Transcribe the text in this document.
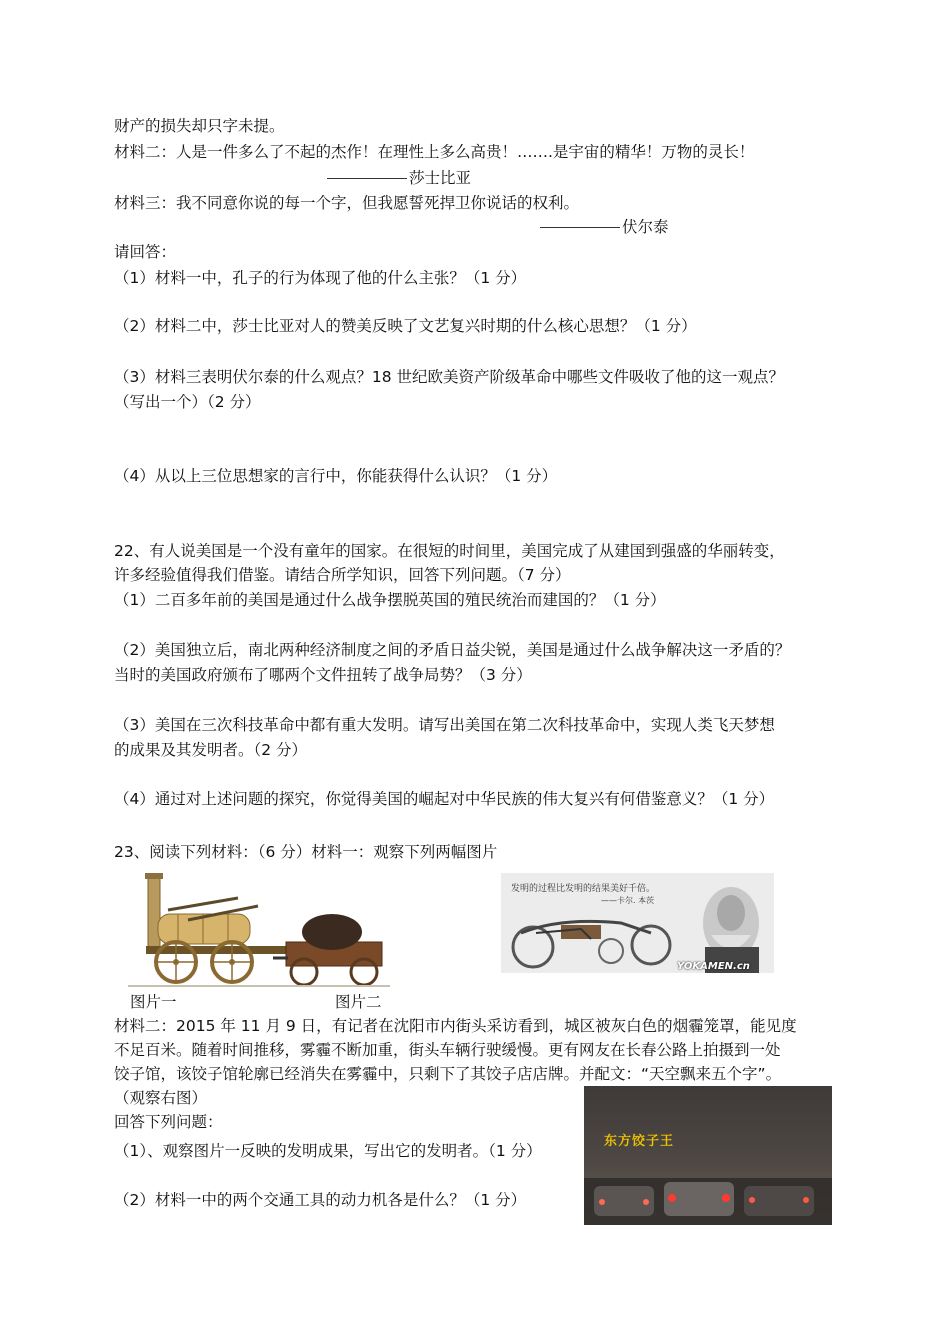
财产的损失却只字未提。
材料二：人是一件多么了不起的杰作！在理性上多么高贵！…….是宇宙的精华！万物的灵长！
莎士比亚
材料三：我不同意你说的每一个字，但我愿誓死捍卫你说话的权利。
伏尔泰
请回答：
（1）材料一中，孔子的行为体现了他的什么主张？（1 分）
（2）材料二中，莎士比亚对人的赞美反映了文艺复兴时期的什么核心思想？（1 分）
（3）材料三表明伏尔泰的什么观点？18 世纪欧美资产阶级革命中哪些文件吸收了他的这一观点？
（写出一个）（2 分）
（4）从以上三位思想家的言行中，你能获得什么认识？（1 分）
22、有人说美国是一个没有童年的国家。在很短的时间里，美国完成了从建国到强盛的华丽转变，
许多经验值得我们借鉴。请结合所学知识，回答下列问题。（7 分）
（1）二百多年前的美国是通过什么战争摆脱英国的殖民统治而建国的？（1 分）
（2）美国独立后，南北两种经济制度之间的矛盾日益尖锐，美国是通过什么战争解决这一矛盾的？
当时的美国政府颁布了哪两个文件扭转了战争局势？（3 分）
（3）美国在三次科技革命中都有重大发明。请写出美国在第二次科技革命中，实现人类飞天梦想
的成果及其发明者。（2 分）
（4）通过对上述问题的探究，你觉得美国的崛起对中华民族的伟大复兴有何借鉴意义？（1 分）
23、阅读下列材料：（6 分）材料一：观察下列两幅图片
图片一	图片二
发明的过程比发明的结果美好千倍。
——卡尔. 本茨
YOKAMEN.cn
材料二：2015 年 11 月 9 日，有记者在沈阳市内街头采访看到，城区被灰白色的烟霾笼罩，能见度
不足百米。随着时间推移，雾霾不断加重，街头车辆行驶缓慢。更有网友在长春公路上拍摄到一处
饺子馆，该饺子馆轮廓已经消失在雾霾中，只剩下了其饺子店店牌。并配文：“天空飘来五个字”。
（观察右图）
回答下列问题：
（1）、观察图片一反映的发明成果，写出它的发明者。（1 分）
（2）材料一中的两个交通工具的动力机各是什么？（1 分）
东方饺子王
